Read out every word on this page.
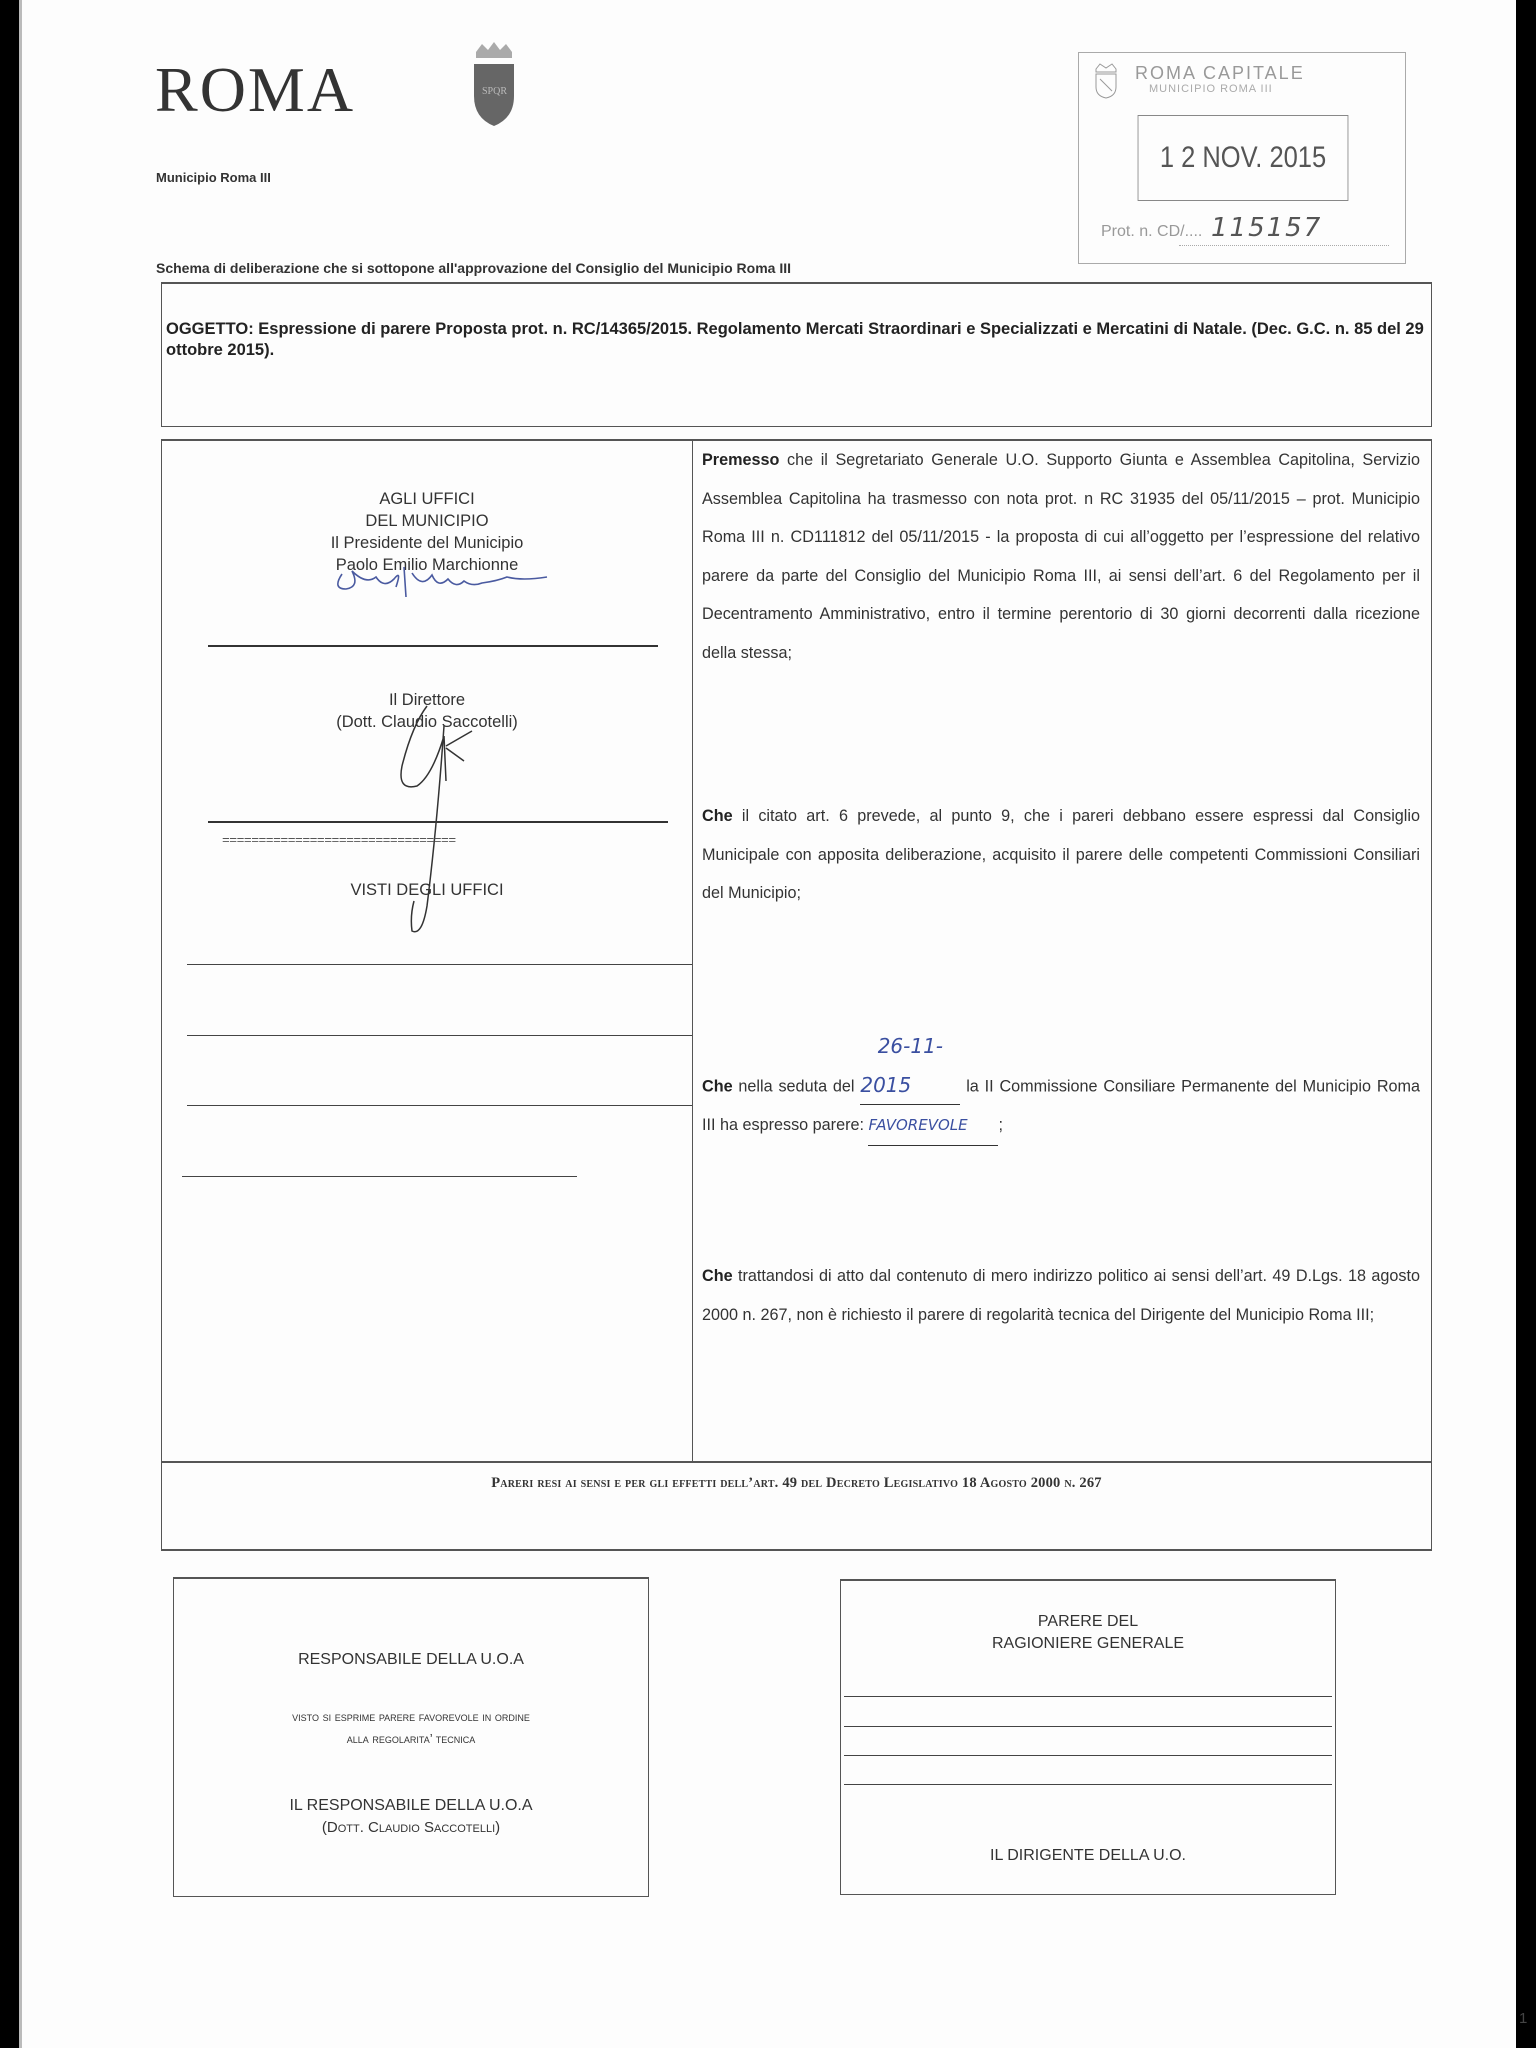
ROMA	SPQR
Municipio Roma III
ROMA CAPITALE
MUNICIPIO ROMA III
1 2 NOV. 2015
Prot. n. CD/.... 115157
Schema di deliberazione che si sottopone all'approvazione del Consiglio del Municipio Roma III
OGGETTO: Espressione di parere Proposta prot. n. RC/14365/2015. Regolamento Mercati Straordinari e Specializzati e Mercatini di Natale. (Dec. G.C. n. 85 del 29 ottobre 2015).
AGLI UFFICI
DEL MUNICIPIO
Il Presidente del Municipio
Paolo Emilio Marchionne
Il Direttore
(Dott. Claudio Saccotelli)
================================
VISTI DEGLI UFFICI
Premesso che il Segretariato Generale U.O. Supporto Giunta e Assemblea Capitolina, Servizio Assemblea Capitolina ha trasmesso con nota prot. n RC 31935 del 05/11/2015 – prot. Municipio Roma III n. CD111812 del 05/11/2015 - la proposta di cui all’oggetto per l’espressione del relativo parere da parte del Consiglio del Municipio Roma III, ai sensi dell’art. 6 del Regolamento per il Decentramento Amministrativo, entro il termine perentorio di 30 giorni decorrenti dalla ricezione della stessa;
Che il citato art. 6 prevede, al punto 9, che i pareri debbano essere espressi dal Consiglio Municipale con apposita deliberazione, acquisito il parere delle competenti Commissioni Consiliari del Municipio;
Che nella seduta del 26-11-2015	la II Commissione Consiliare Permanente del Municipio Roma III ha espresso parere: FAVOREVOLE ;
Che trattandosi di atto dal contenuto di mero indirizzo politico ai sensi dell’art. 49 D.Lgs. 18 agosto 2000 n. 267, non è richiesto il parere di regolarità tecnica del Dirigente del Municipio Roma III;
Pareri resi ai sensi e per gli effetti dell’art. 49 del Decreto Legislativo 18 Agosto 2000 n. 267
RESPONSABILE DELLA U.O.A
visto si esprime parere favorevole in ordine
alla regolarita’ tecnica
IL RESPONSABILE DELLA U.O.A
(Dott. Claudio Saccotelli)
PARERE DEL
RAGIONIERE GENERALE
IL DIRIGENTE DELLA U.O.
1
